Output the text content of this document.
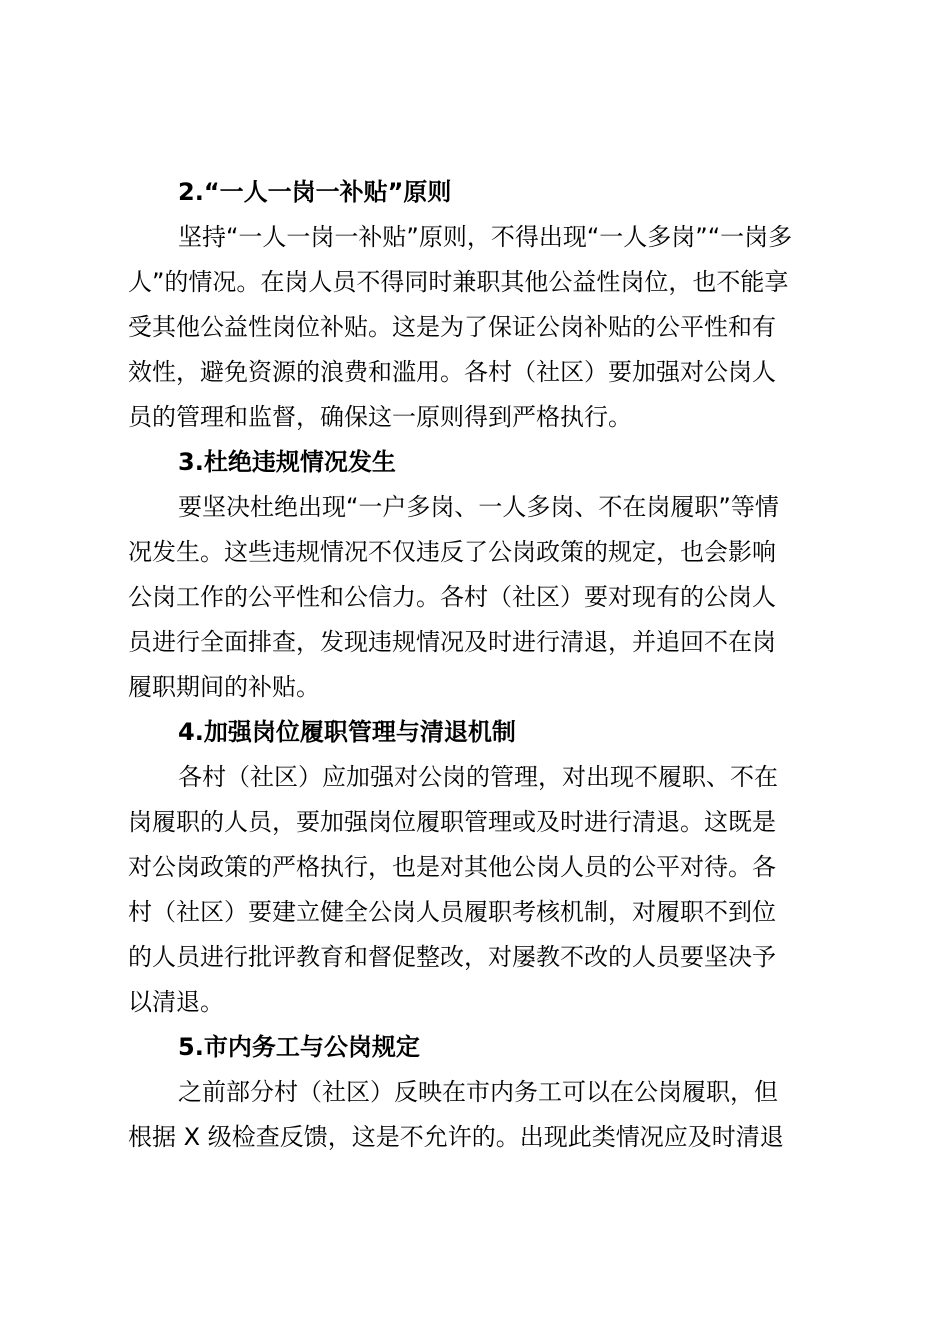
2.“一人一岗一补贴”原则

坚持“一人一岗一补贴”原则，不得出现“一人多岗”“一岗多
人”的情况。在岗人员不得同时兼职其他公益性岗位，也不能享
受其他公益性岗位补贴。这是为了保证公岗补贴的公平性和有
效性，避免资源的浪费和滥用。各村（社区）要加强对公岗人
员的管理和监督，确保这一原则得到严格执行。

3.杜绝违规情况发生

要坚决杜绝出现“一户多岗、一人多岗、不在岗履职”等情
况发生。这些违规情况不仅违反了公岗政策的规定，也会影响
公岗工作的公平性和公信力。各村（社区）要对现有的公岗人
员进行全面排查，发现违规情况及时进行清退，并追回不在岗
履职期间的补贴。

4.加强岗位履职管理与清退机制

各村（社区）应加强对公岗的管理，对出现不履职、不在
岗履职的人员，要加强岗位履职管理或及时进行清退。这既是
对公岗政策的严格执行，也是对其他公岗人员的公平对待。各
村（社区）要建立健全公岗人员履职考核机制，对履职不到位
的人员进行批评教育和督促整改，对屡教不改的人员要坚决予
以清退。

5.市内务工与公岗规定

之前部分村（社区）反映在市内务工可以在公岗履职，但
根据 X 级检查反馈，这是不允许的。出现此类情况应及时清退
